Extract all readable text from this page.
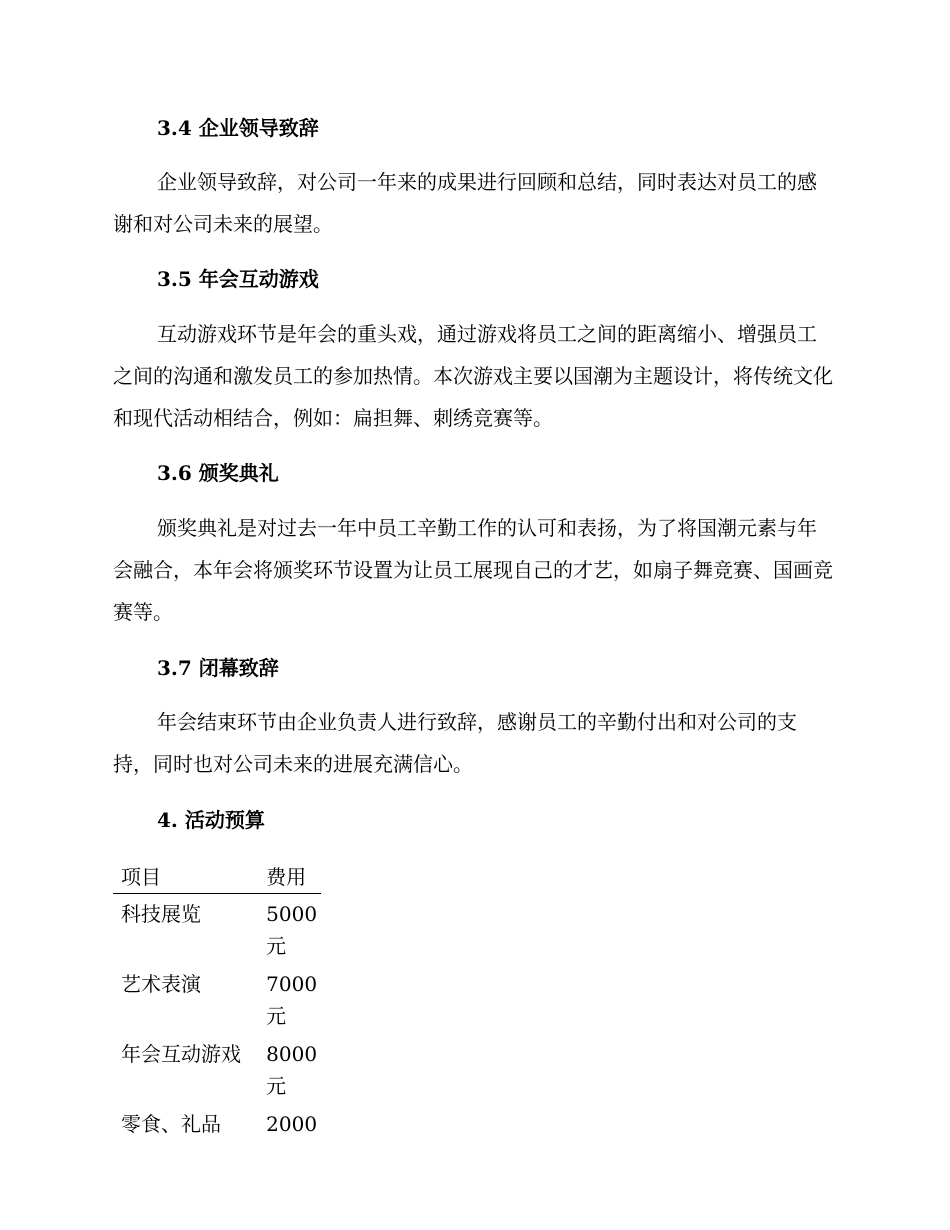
3.4 企业领导致辞

企业领导致辞，对公司一年来的成果进行回顾和总结，同时表达对员工的感谢和对公司未来的展望。

3.5 年会互动游戏

互动游戏环节是年会的重头戏，通过游戏将员工之间的距离缩小、增强员工之间的沟通和激发员工的参加热情。本次游戏主要以国潮为主题设计，将传统文化和现代活动相结合，例如：扁担舞、刺绣竞赛等。

3.6 颁奖典礼

颁奖典礼是对过去一年中员工辛勤工作的认可和表扬，为了将国潮元素与年会融合，本年会将颁奖环节设置为让员工展现自己的才艺，如扇子舞竞赛、国画竞赛等。

3.7 闭幕致辞

年会结束环节由企业负责人进行致辞，感谢员工的辛勤付出和对公司的支持，同时也对公司未来的进展充满信心。

4. 活动预算
项目	费用
科技展览	5000元
艺术表演	7000元
年会互动游戏	8000元
零食、礼品	2000
